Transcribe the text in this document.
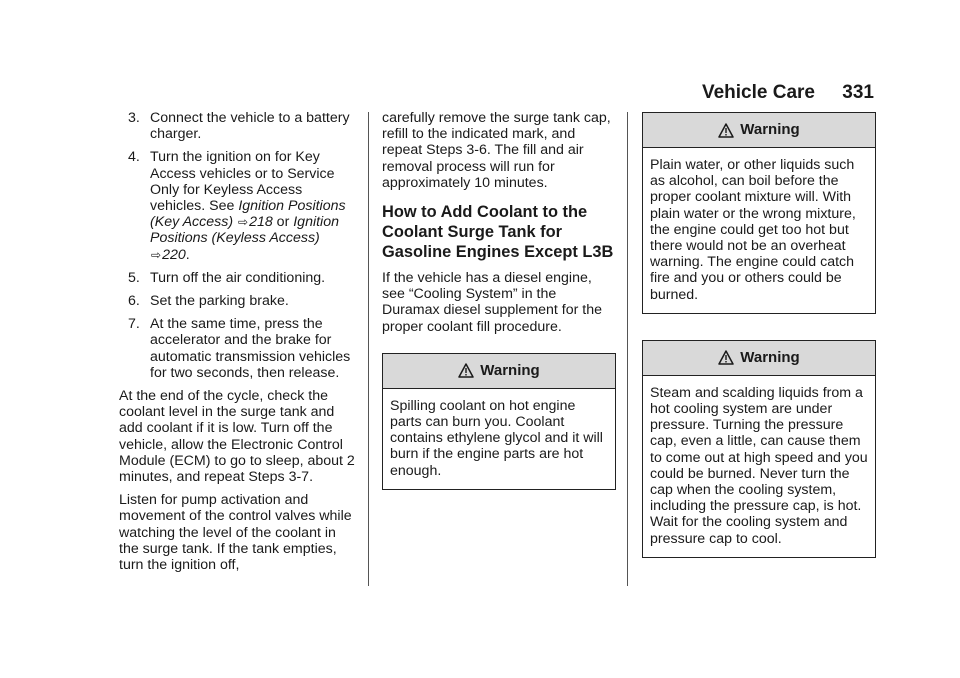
Vehicle Care 331
3. Connect the vehicle to a battery charger.
4. Turn the ignition on for Key Access vehicles or to Service Only for Keyless Access vehicles. See Ignition Positions (Key Access) ⇨218 or Ignition Positions (Keyless Access) ⇨220.
5. Turn off the air conditioning.
6. Set the parking brake.
7. At the same time, press the accelerator and the brake for automatic transmission vehicles for two seconds, then release.

At the end of the cycle, check the coolant level in the surge tank and add coolant if it is low. Turn off the vehicle, allow the Electronic Control Module (ECM) to go to sleep, about 2 minutes, and repeat Steps 3-7.

Listen for pump activation and movement of the control valves while watching the level of the coolant in the surge tank. If the tank empties, turn the ignition off,

carefully remove the surge tank cap, refill to the indicated mark, and repeat Steps 3-6. The fill and air removal process will run for approximately 10 minutes.

How to Add Coolant to the Coolant Surge Tank for Gasoline Engines Except L3B

If the vehicle has a diesel engine, see “Cooling System” in the Duramax diesel supplement for the proper coolant fill procedure.

Warning
Spilling coolant on hot engine parts can burn you. Coolant contains ethylene glycol and it will burn if the engine parts are hot enough.
Warning
Plain water, or other liquids such as alcohol, can boil before the proper coolant mixture will. With plain water or the wrong mixture, the engine could get too hot but there would not be an overheat warning. The engine could catch fire and you or others could be burned.
Warning
Steam and scalding liquids from a hot cooling system are under pressure. Turning the pressure cap, even a little, can cause them to come out at high speed and you could be burned. Never turn the cap when the cooling system, including the pressure cap, is hot. Wait for the cooling system and pressure cap to cool.
